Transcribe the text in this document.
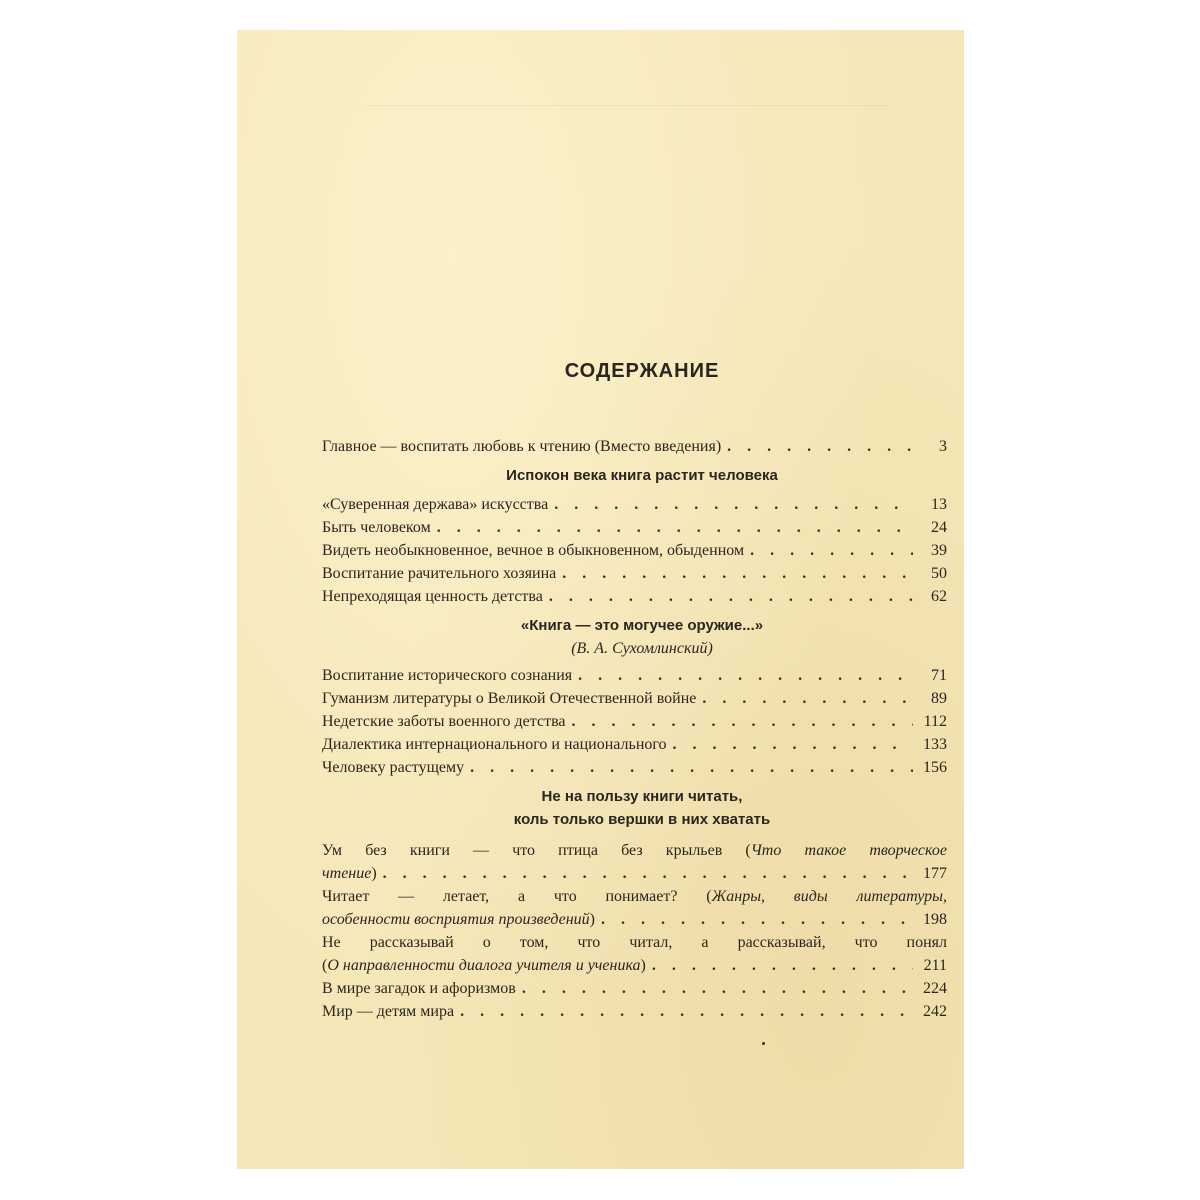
СОДЕРЖАНИЕ
Главное — воспитать любовь к чтению (Вместо введения) . . .	3
Испокон века книга растит человека
«Суверенная держава» искусства . . .	13
Быть человеком . . .	24
Видеть необыкновенное, вечное в обыкновенном, обыденном . . .	39
Воспитание рачительного хозяина . . .	50
Непреходящая ценность детства . . .	62
«Книга — это могучее оружие...»
(В. А. Сухомлинский)
Воспитание исторического сознания . . .	71
Гуманизм литературы о Великой Отечественной войне . . .	89
Недетские заботы военного детства . . .	112
Диалектика интернационального и национального . . .	133
Человеку растущему . . .	156
Не на пользу книги читать,
коль только вершки в них хватать
Ум без книги — что птица без крыльев (Что такое творческое
чтение) . . .	177
Читает — летает, а что понимает? (Жанры, виды литературы,
особенности восприятия произведений) . . .	198
Не рассказывай о том, что читал, а рассказывай, что понял
(О направленности диалога учителя и ученика) . . .	211
В мире загадок и афоризмов . . .	224
Мир — детям мира . . .	242
